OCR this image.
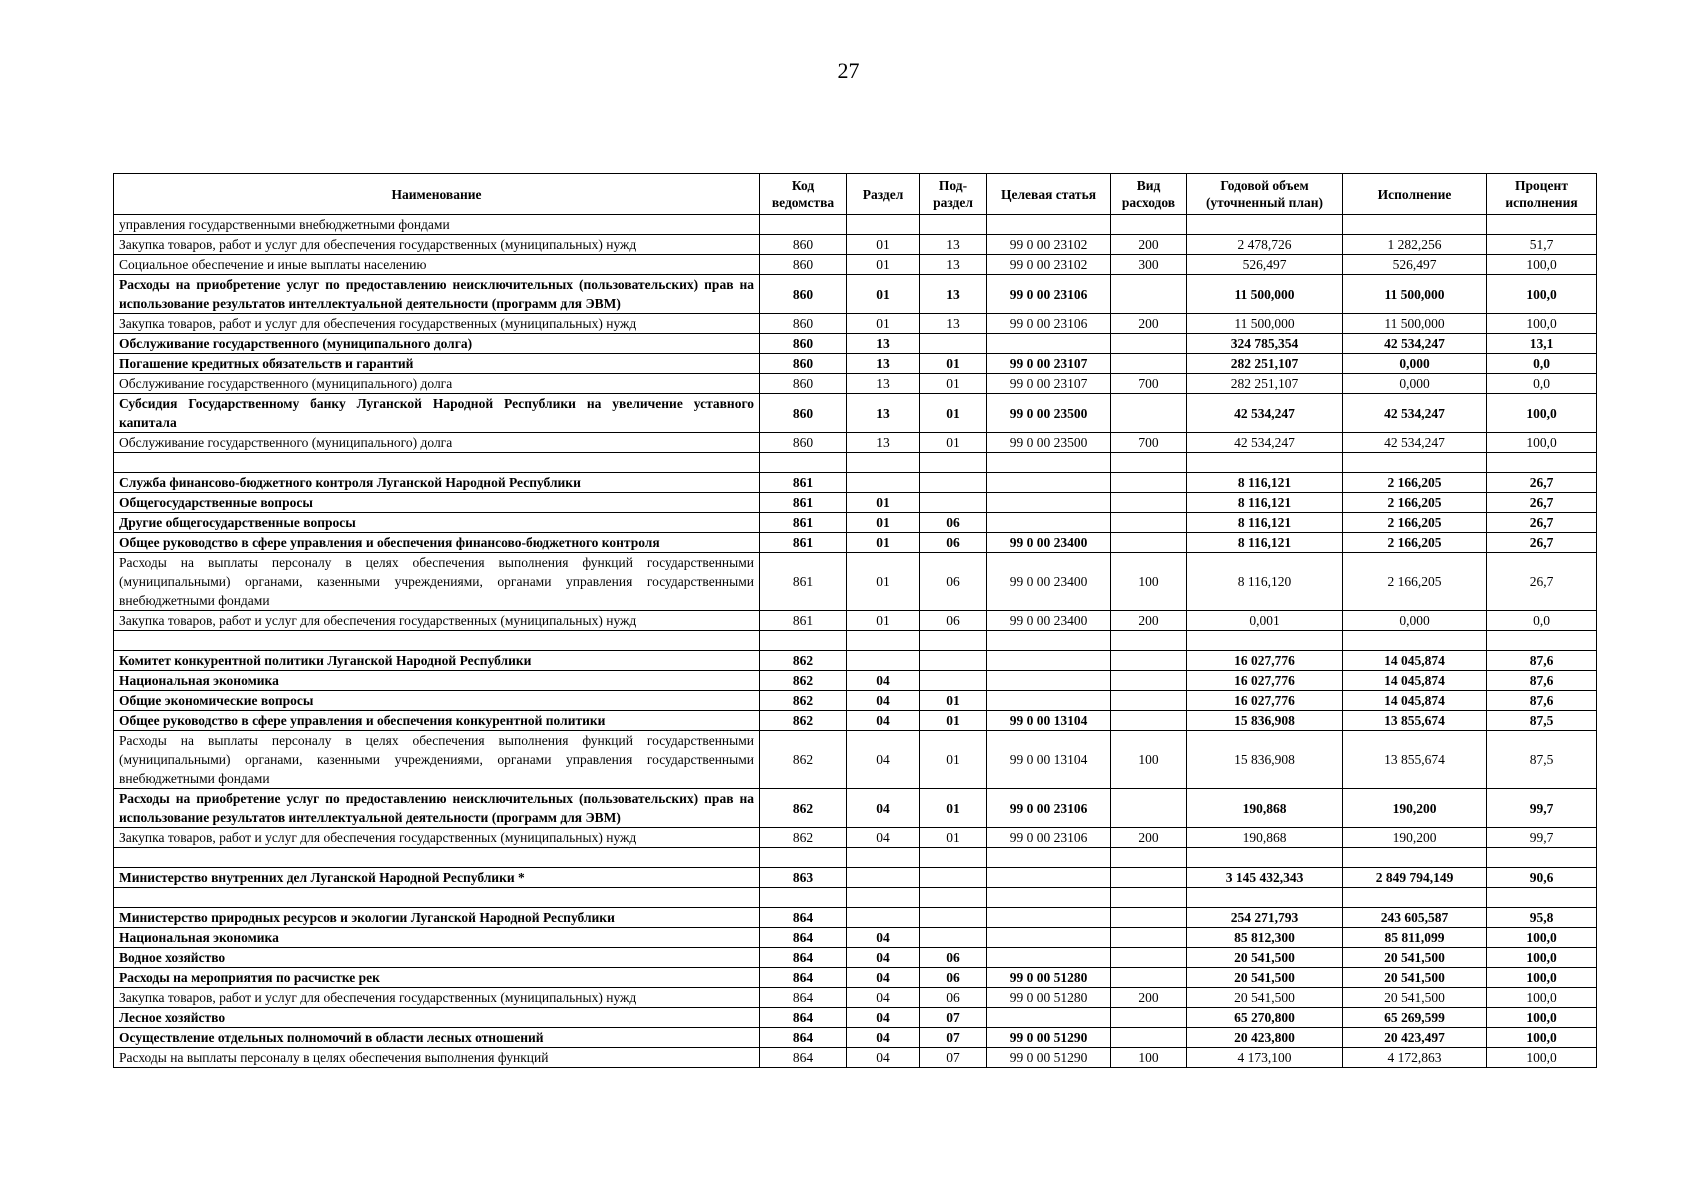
27
Наименование	Код ведомства	Раздел	Под-раздел	Целевая статья	Вид расходов	Годовой объем (уточненный план)	Исполнение	Процент исполнения
управления государственными внебюджетными фондами								
Закупка товаров, работ и услуг для обеспечения государственных (муниципальных) нужд	860	01	13	99 0 00 23102	200	2 478,726	1 282,256	51,7
Социальное обеспечение и иные выплаты населению	860	01	13	99 0 00 23102	300	526,497	526,497	100,0
Расходы на приобретение услуг по предоставлению неисключительных (пользовательских) прав на использование результатов интеллектуальной деятельности (программ для ЭВМ)	860	01	13	99 0 00 23106		11 500,000	11 500,000	100,0
Закупка товаров, работ и услуг для обеспечения государственных (муниципальных) нужд	860	01	13	99 0 00 23106	200	11 500,000	11 500,000	100,0
Обслуживание государственного (муниципального долга)	860	13				324 785,354	42 534,247	13,1
Погашение кредитных обязательств и гарантий	860	13	01	99 0 00 23107		282 251,107	0,000	0,0
Обслуживание государственного (муниципального) долга	860	13	01	99 0 00 23107	700	282 251,107	0,000	0,0
Субсидия Государственному банку Луганской Народной Республики на увеличение уставного капитала	860	13	01	99 0 00 23500		42 534,247	42 534,247	100,0
Обслуживание государственного (муниципального) долга	860	13	01	99 0 00 23500	700	42 534,247	42 534,247	100,0

Служба финансово-бюджетного контроля Луганской Народной Республики	861					8 116,121	2 166,205	26,7
Общегосударственные вопросы	861	01				8 116,121	2 166,205	26,7
Другие общегосударственные вопросы	861	01	06			8 116,121	2 166,205	26,7
Общее руководство в сфере управления и обеспечения финансово-бюджетного контроля	861	01	06	99 0 00 23400		8 116,121	2 166,205	26,7
Расходы на выплаты персоналу в целях обеспечения выполнения функций государственными (муниципальными) органами, казенными учреждениями, органами управления государственными внебюджетными фондами	861	01	06	99 0 00 23400	100	8 116,120	2 166,205	26,7
Закупка товаров, работ и услуг для обеспечения государственных (муниципальных) нужд	861	01	06	99 0 00 23400	200	0,001	0,000	0,0

Комитет конкурентной политики Луганской Народной Республики	862					16 027,776	14 045,874	87,6
Национальная экономика	862	04				16 027,776	14 045,874	87,6
Общие экономические вопросы	862	04	01			16 027,776	14 045,874	87,6
Общее руководство в сфере управления и обеспечения конкурентной политики	862	04	01	99 0 00 13104		15 836,908	13 855,674	87,5
Расходы на выплаты персоналу в целях обеспечения выполнения функций государственными (муниципальными) органами, казенными учреждениями, органами управления государственными внебюджетными фондами	862	04	01	99 0 00 13104	100	15 836,908	13 855,674	87,5
Расходы на приобретение услуг по предоставлению неисключительных (пользовательских) прав на использование результатов интеллектуальной деятельности (программ для ЭВМ)	862	04	01	99 0 00 23106		190,868	190,200	99,7
Закупка товаров, работ и услуг для обеспечения государственных (муниципальных) нужд	862	04	01	99 0 00 23106	200	190,868	190,200	99,7

Министерство внутренних дел Луганской Народной Республики *	863					3 145 432,343	2 849 794,149	90,6

Министерство природных ресурсов и экологии Луганской Народной Республики	864					254 271,793	243 605,587	95,8
Национальная экономика	864	04				85 812,300	85 811,099	100,0
Водное хозяйство	864	04	06			20 541,500	20 541,500	100,0
Расходы на мероприятия по расчистке рек	864	04	06	99 0 00 51280		20 541,500	20 541,500	100,0
Закупка товаров, работ и услуг для обеспечения государственных (муниципальных) нужд	864	04	06	99 0 00 51280	200	20 541,500	20 541,500	100,0
Лесное хозяйство	864	04	07			65 270,800	65 269,599	100,0
Осуществление отдельных полномочий в области лесных отношений	864	04	07	99 0 00 51290		20 423,800	20 423,497	100,0
Расходы на выплаты персоналу в целях обеспечения выполнения функций	864	04	07	99 0 00 51290	100	4 173,100	4 172,863	100,0
